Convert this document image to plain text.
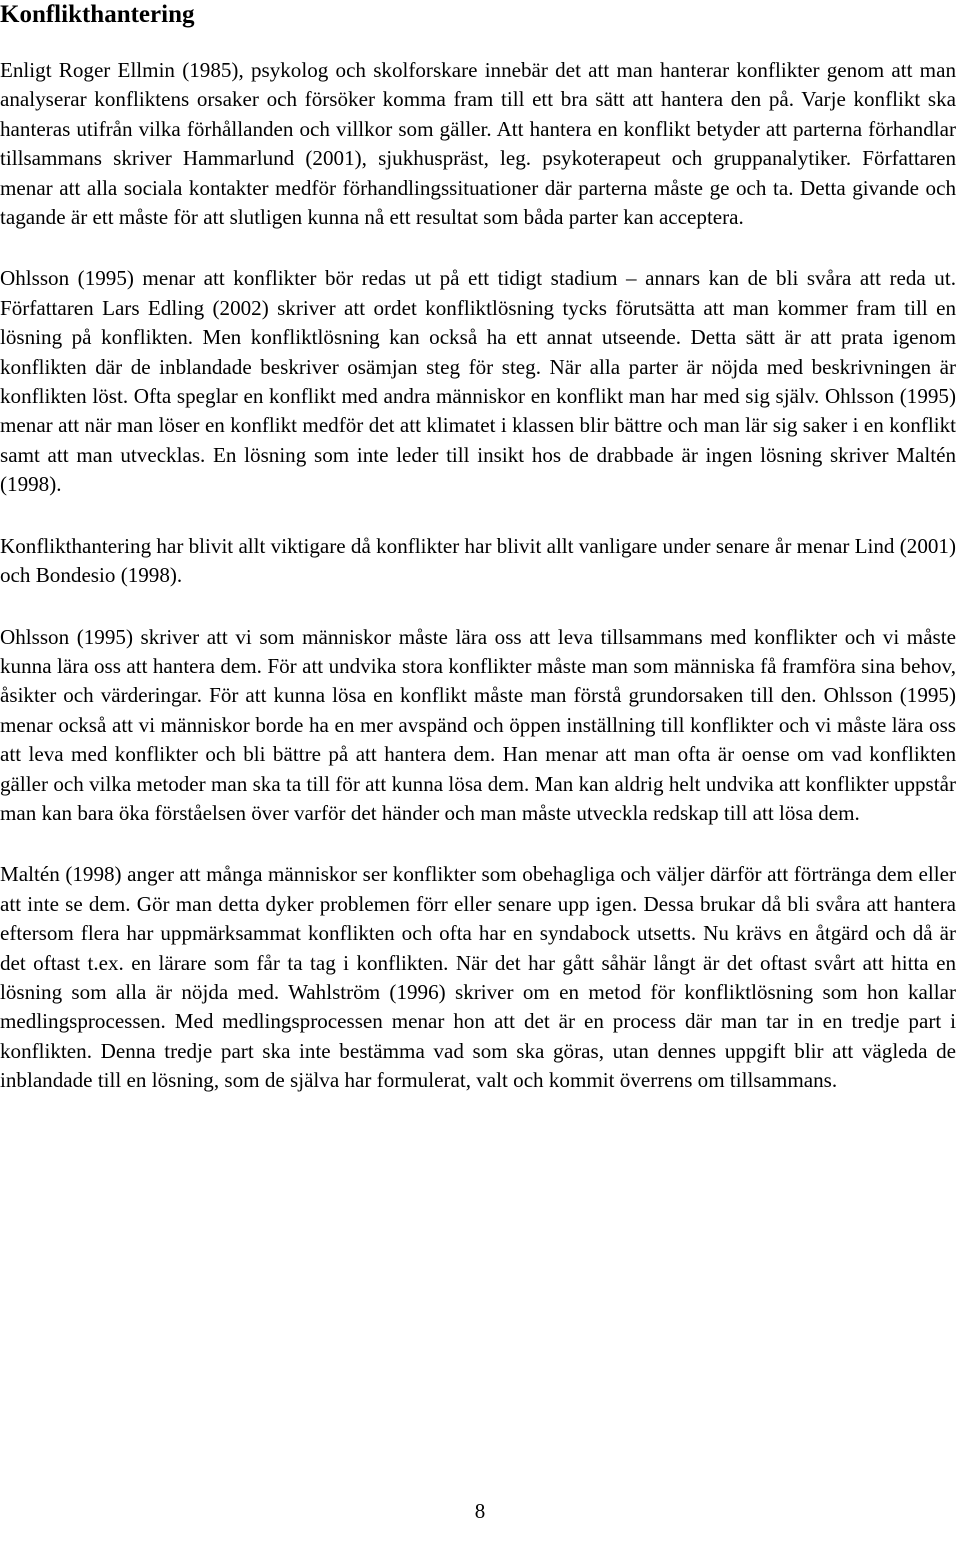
Konflikthantering

Enligt Roger Ellmin (1985), psykolog och skolforskare innebär det att man hanterar konflikter genom att man analyserar konfliktens orsaker och försöker komma fram till ett bra sätt att hantera den på. Varje konflikt ska hanteras utifrån vilka förhållanden och villkor som gäller. Att hantera en konflikt betyder att parterna förhandlar tillsammans skriver Hammarlund (2001), sjukhuspräst, leg. psykoterapeut och gruppanalytiker. Författaren menar att alla sociala kontakter medför förhandlingssituationer där parterna måste ge och ta. Detta givande och tagande är ett måste för att slutligen kunna nå ett resultat som båda parter kan acceptera.

Ohlsson (1995) menar att konflikter bör redas ut på ett tidigt stadium – annars kan de bli svåra att reda ut. Författaren Lars Edling (2002) skriver att ordet konfliktlösning tycks förutsätta att man kommer fram till en lösning på konflikten. Men konfliktlösning kan också ha ett annat utseende. Detta sätt är att prata igenom konflikten där de inblandade beskriver osämjan steg för steg. När alla parter är nöjda med beskrivningen är konflikten löst. Ofta speglar en konflikt med andra människor en konflikt man har med sig själv. Ohlsson (1995) menar att när man löser en konflikt medför det att klimatet i klassen blir bättre och man lär sig saker i en konflikt samt att man utvecklas. En lösning som inte leder till insikt hos de drabbade är ingen lösning skriver Maltén (1998).

Konflikthantering har blivit allt viktigare då konflikter har blivit allt vanligare under senare år menar Lind (2001) och Bondesio (1998).

Ohlsson (1995) skriver att vi som människor måste lära oss att leva tillsammans med konflikter och vi måste kunna lära oss att hantera dem. För att undvika stora konflikter måste man som människa få framföra sina behov, åsikter och värderingar. För att kunna lösa en konflikt måste man förstå grundorsaken till den. Ohlsson (1995) menar också att vi människor borde ha en mer avspänd och öppen inställning till konflikter och vi måste lära oss att leva med konflikter och bli bättre på att hantera dem. Han menar att man ofta är oense om vad konflikten gäller och vilka metoder man ska ta till för att kunna lösa dem. Man kan aldrig helt undvika att konflikter uppstår man kan bara öka förståelsen över varför det händer och man måste utveckla redskap till att lösa dem.

Maltén (1998) anger att många människor ser konflikter som obehagliga och väljer därför att förtränga dem eller att inte se dem. Gör man detta dyker problemen förr eller senare upp igen. Dessa brukar då bli svåra att hantera eftersom flera har uppmärksammat konflikten och ofta har en syndabock utsetts. Nu krävs en åtgärd och då är det oftast t.ex. en lärare som får ta tag i konflikten. När det har gått såhär långt är det oftast svårt att hitta en lösning som alla är nöjda med. Wahlström (1996) skriver om en metod för konfliktlösning som hon kallar medlingsprocessen. Med medlingsprocessen menar hon att det är en process där man tar in en tredje part i konflikten. Denna tredje part ska inte bestämma vad som ska göras, utan dennes uppgift blir att vägleda de inblandade till en lösning, som de själva har formulerat, valt och kommit överrens om tillsammans.

8
